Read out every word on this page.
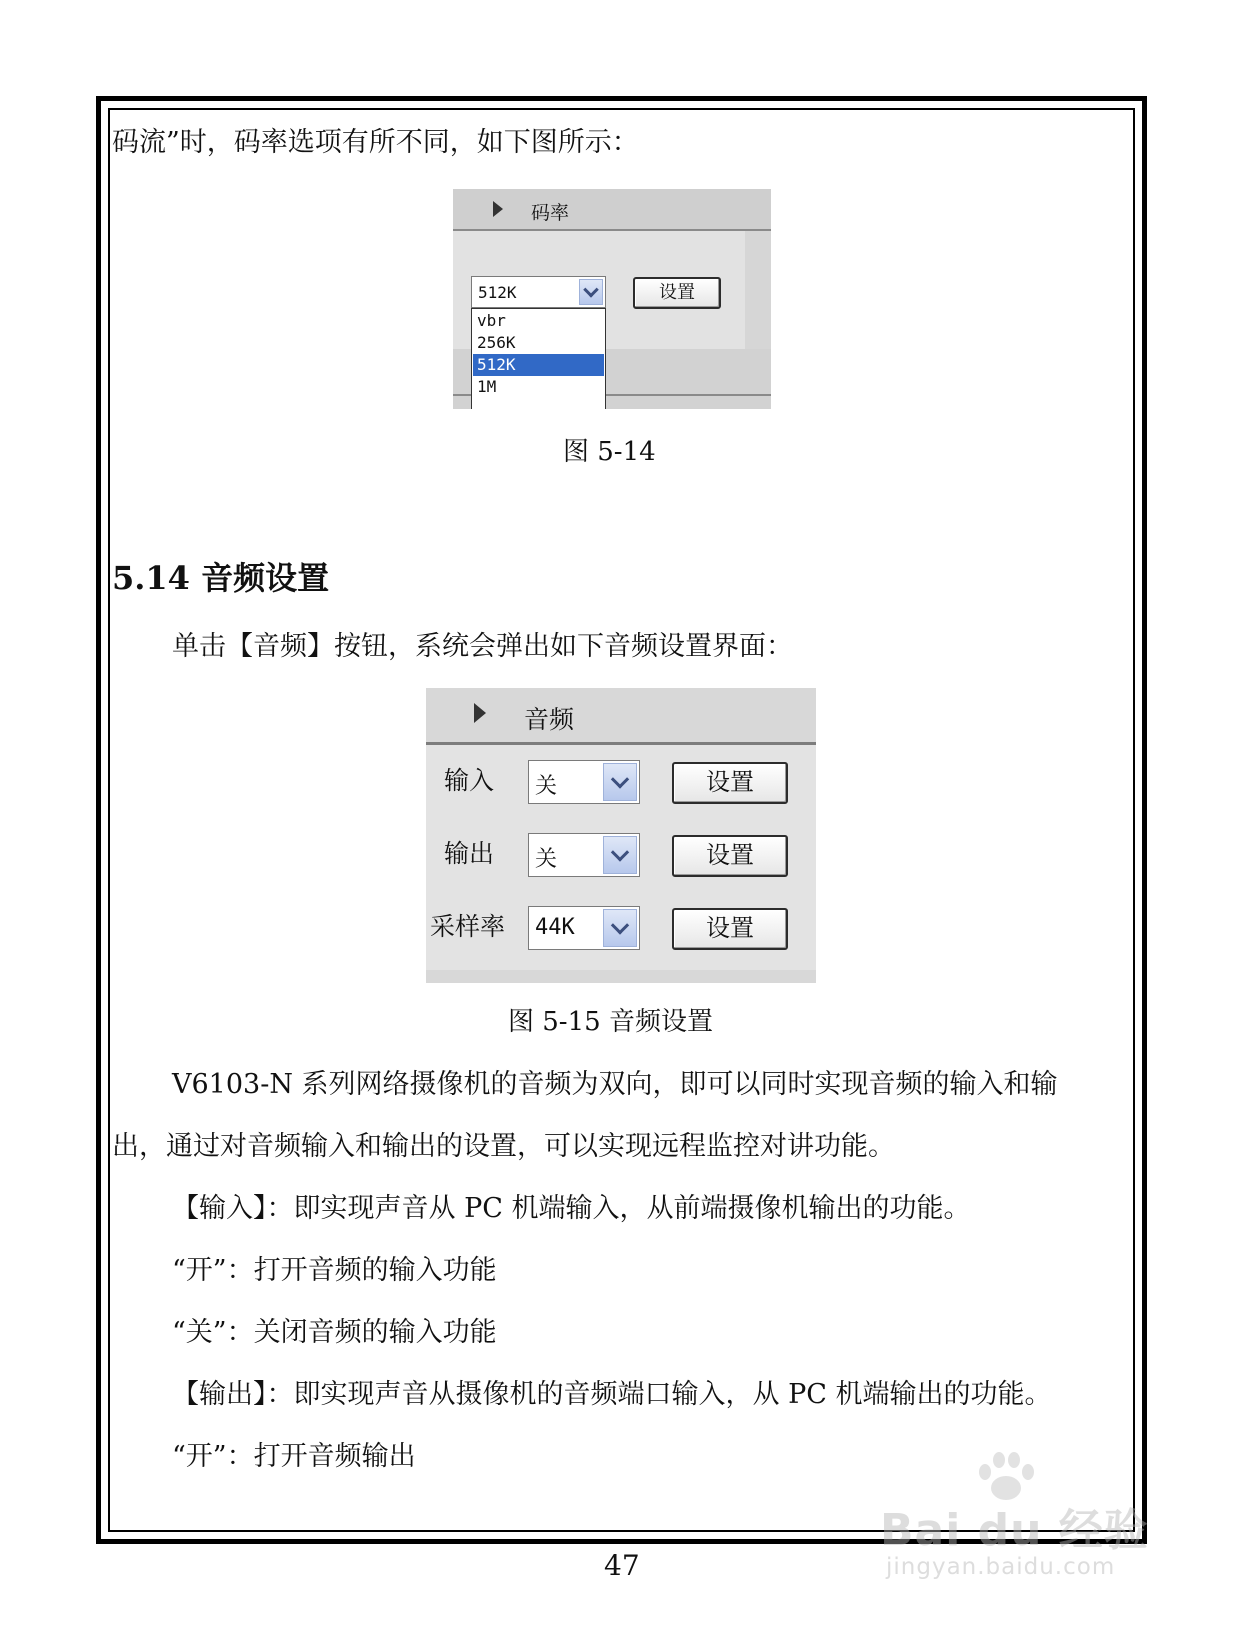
码流”时，码率选项有所不同，如下图所示：
码率
512K	设置
vbr
256K
512K
1M
图 5-14
5.14 音频设置
单击【音频】按钮，系统会弹出如下音频设置界面：
音频
输入 关	设置
输出 关	设置
采样率 44K	设置
图 5-15 音频设置
V6103-N 系列网络摄像机的音频为双向，即可以同时实现音频的输入和输
出，通过对音频输入和输出的设置，可以实现远程监控对讲功能。
【输入】：即实现声音从 PC 机端输入，从前端摄像机输出的功能。
“开”：打开音频的输入功能
“关”：关闭音频的输入功能
【输出】：即实现声音从摄像机的音频端口输入，从 PC 机端输出的功能。
“开”：打开音频输出
47
Bai du 经验
jingyan.baidu.com
